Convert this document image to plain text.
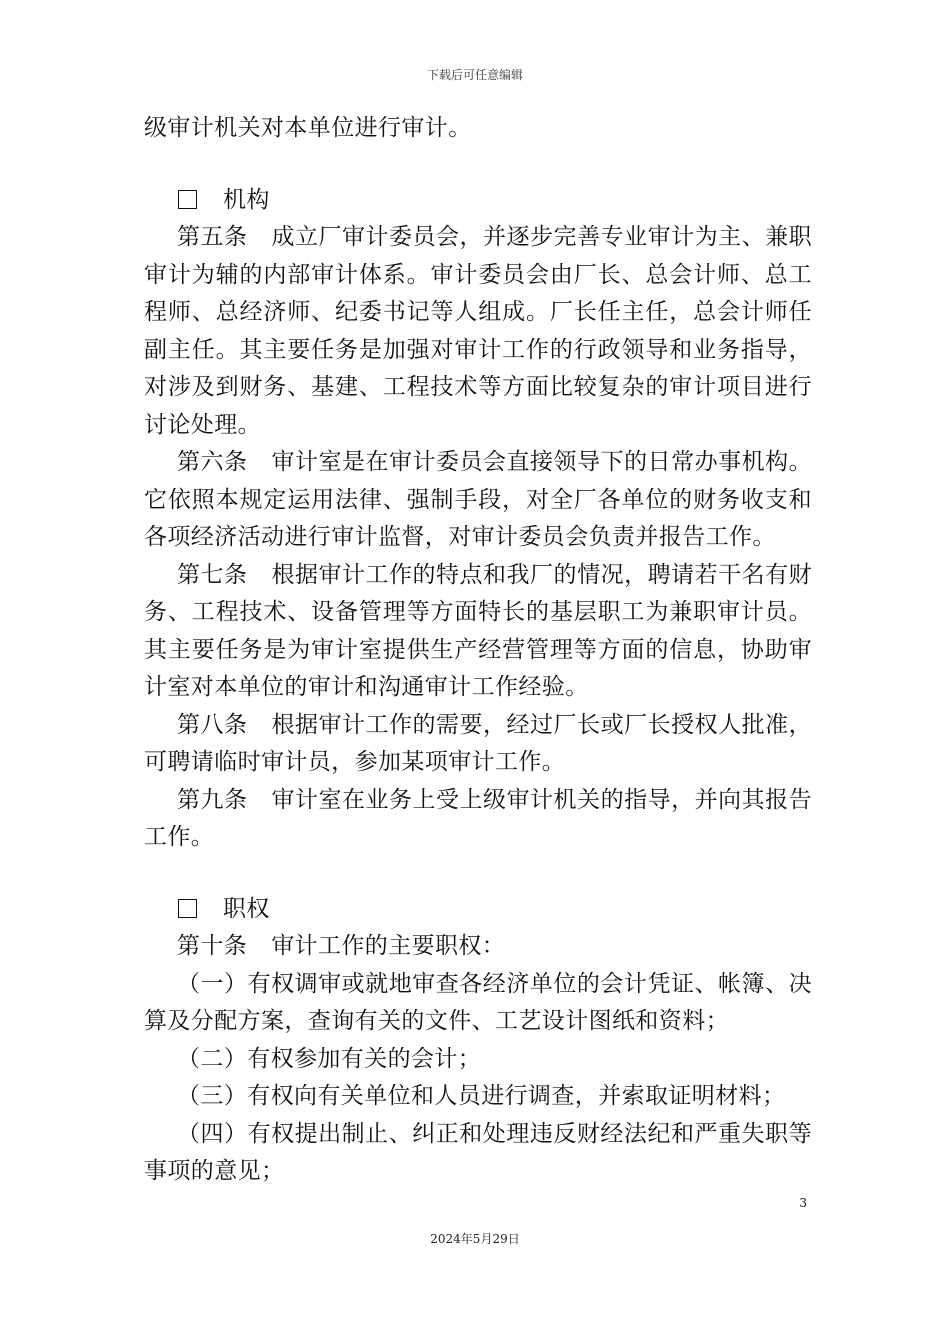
下载后可任意编辑

级审计机关对本单位进行审计。

机构

第五条 成立厂审计委员会，并逐步完善专业审计为主、兼职审计为辅的内部审计体系。审计委员会由厂长、总会计师、总工程师、总经济师、纪委书记等人组成。厂长任主任，总会计师任副主任。其主要任务是加强对审计工作的行政领导和业务指导，对涉及到财务、基建、工程技术等方面比较复杂的审计项目进行讨论处理。

第六条 审计室是在审计委员会直接领导下的日常办事机构。它依照本规定运用法律、强制手段，对全厂各单位的财务收支和各项经济活动进行审计监督，对审计委员会负责并报告工作。

第七条 根据审计工作的特点和我厂的情况，聘请若干名有财务、工程技术、设备管理等方面特长的基层职工为兼职审计员。其主要任务是为审计室提供生产经营管理等方面的信息，协助审计室对本单位的审计和沟通审计工作经验。

第八条 根据审计工作的需要，经过厂长或厂长授权人批准，可聘请临时审计员，参加某项审计工作。

第九条 审计室在业务上受上级审计机关的指导，并向其报告工作。

职权

第十条 审计工作的主要职权：

（一）有权调审或就地审查各经济单位的会计凭证、帐簿、决算及分配方案，查询有关的文件、工艺设计图纸和资料；

（二）有权参加有关的会计；

（三）有权向有关单位和人员进行调查，并索取证明材料；

（四）有权提出制止、纠正和处理违反财经法纪和严重失职等事项的意见；

3
2024年5月29日
